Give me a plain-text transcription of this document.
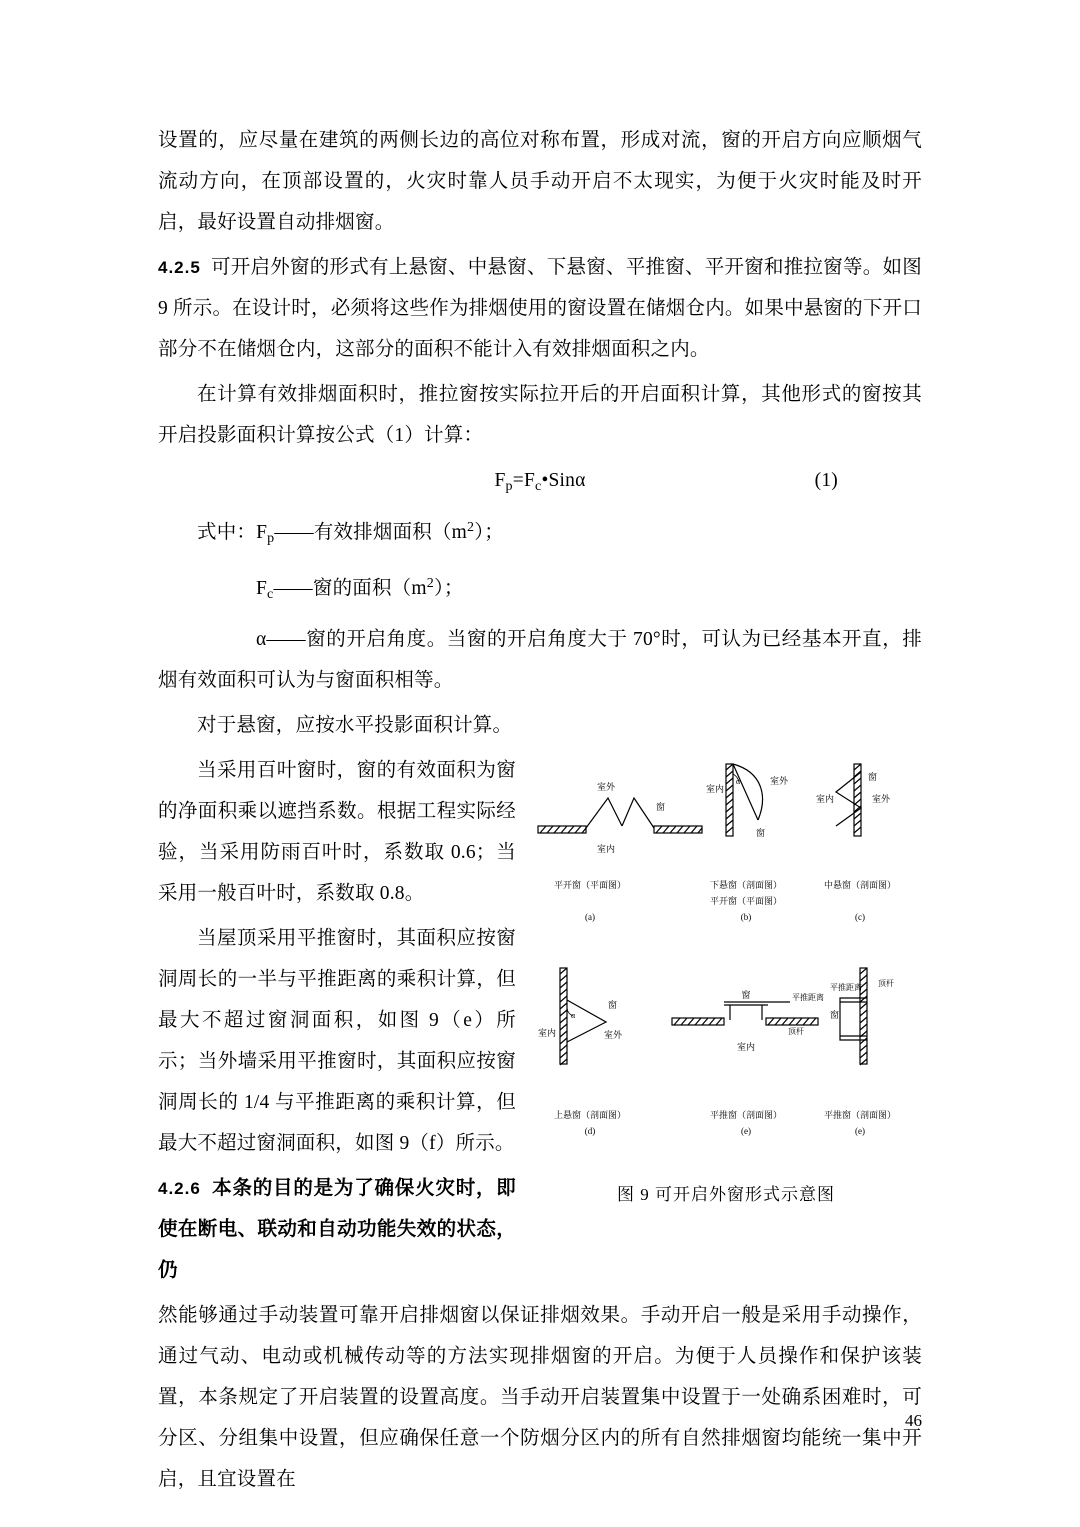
设置的，应尽量在建筑的两侧长边的高位对称布置，形成对流，窗的开启方向应顺烟气流动方向，在顶部设置的，火灾时靠人员手动开启不太现实，为便于火灾时能及时开启，最好设置自动排烟窗。

4.2.5 可开启外窗的形式有上悬窗、中悬窗、下悬窗、平推窗、平开窗和推拉窗等。如图9 所示。在设计时，必须将这些作为排烟使用的窗设置在储烟仓内。如果中悬窗的下开口部分不在储烟仓内，这部分的面积不能计入有效排烟面积之内。

在计算有效排烟面积时，推拉窗按实际拉开后的开启面积计算，其他形式的窗按其开启投影面积计算按公式（1）计算：

$F_p=F_c•Sin\alpha$	(1)

式中：$F_p——$有效排烟面积$(m^2)$；

$F_c——$窗的面积$(m^2)$；

α——窗的开启角度。当窗的开启角度大于 70°时，可认为已经基本开直，排烟有效面积可认为与窗面积相等。

对于悬窗，应按水平投影面积计算。

当采用百叶窗时，窗的有效面积为窗的净面积乘以遮挡系数。根据工程实际经验，当采用防雨百叶时，系数取 0.6；当采用一般百叶时，系数取 0.8。

当屋顶采用平推窗时，其面积应按窗洞周长的一半与平推距离的乘积计算，但最大不超过窗洞面积，如图 9（e）所示；当外墙采用平推窗时，其面积应按窗洞周长的 1/4 与平推距离的乘积计算，但最大不超过窗洞面积，如图 9（f）所示。

4.2.6 本条的目的是为了确保火灾时，即使在断电、联动和自动功能失效的状态，仍

室外
窗
室内
平开窗（平面图）
(a)
α
室内
室外
窗
下悬窗（剖面图）
平开窗（平面图）
(b)
室内	室外
窗
中悬窗（剖面图）
(c)
α
室内	室外
窗
上悬窗（剖面图）
(d)
窗	平推距离
顶杆
室内
平推窗（剖面图）
(e)
平推距离 顶杆
窗
平推窗（剖面图）
(e)
图 9 可开启外窗形式示意图

然能够通过手动装置可靠开启排烟窗以保证排烟效果。手动开启一般是采用手动操作，通过气动、电动或机械传动等的方法实现排烟窗的开启。为便于人员操作和保护该装置，本条规定了开启装置的设置高度。当手动开启装置集中设置于一处确系困难时，可分区、分组集中设置，但应确保任意一个防烟分区内的所有自然排烟窗均能统一集中开启，且宜设置在

46
